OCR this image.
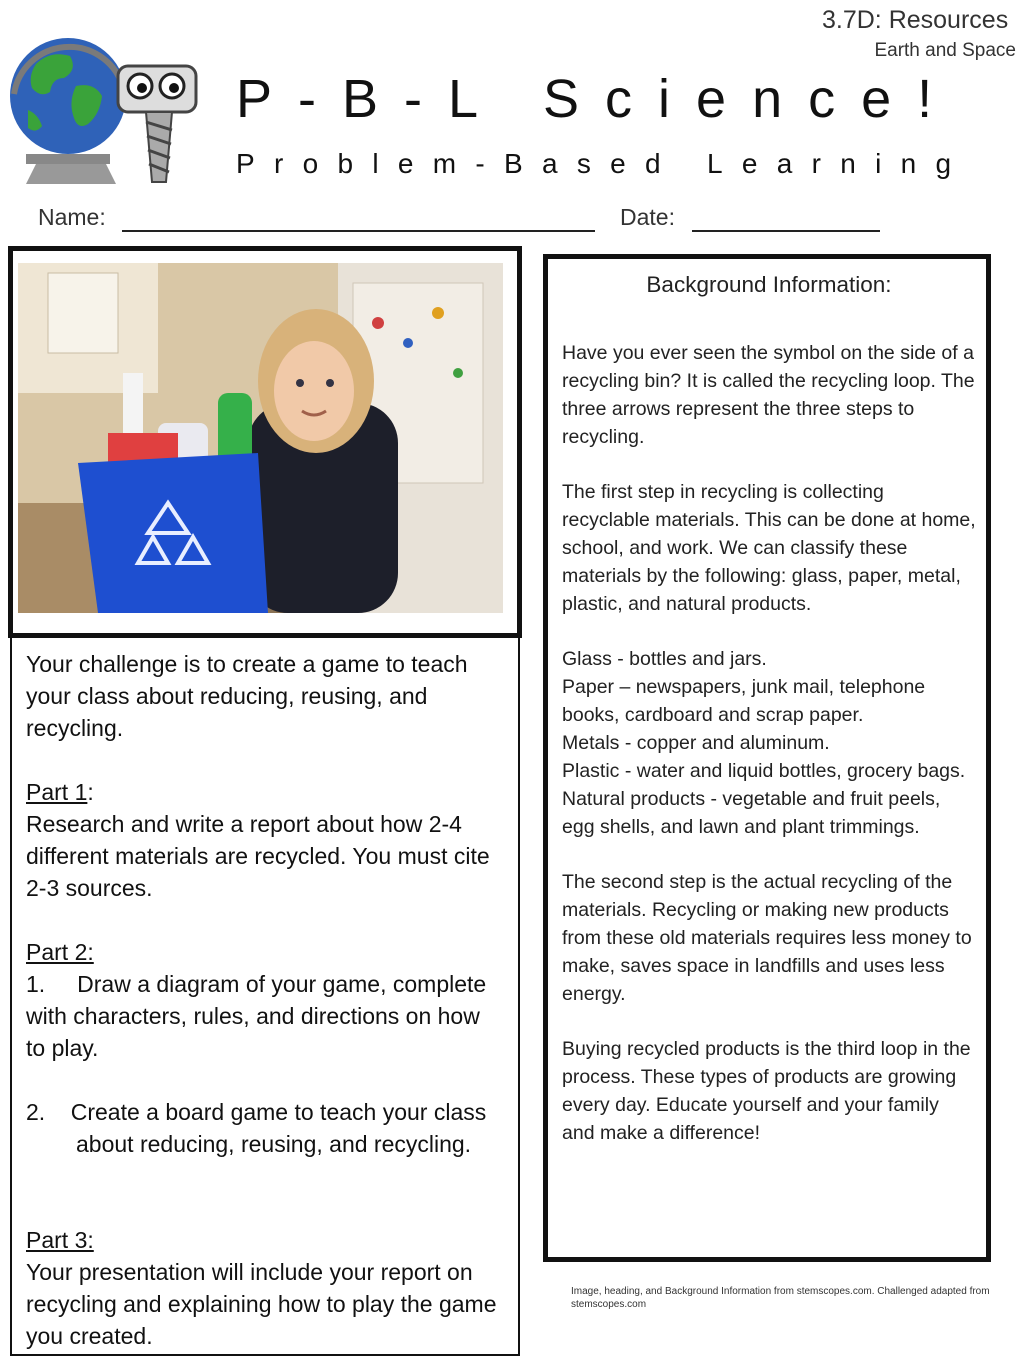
3.7D: Resources
Earth and Space
P-B-L Science!
Problem-Based Learning
Name:	Date:

Your challenge is to create a game to teach your class about reducing, reusing, and recycling.

Part 1:

Research and write a report about how 2-4 different materials are recycled. You must cite 2-3 sources.

Part 2:

1.     Draw a diagram of your game, complete with characters, rules, and directions on how to play.

2.    Create a board game to teach your class

about reducing, reusing, and recycling.

Part 3:

Your presentation will include your report on recycling and explaining how to play the game you created.

Background Information:

Have you ever seen the symbol on the side of a recycling bin? It is called the recycling loop. The three arrows represent the three steps to recycling.

The first step in recycling is collecting recyclable materials. This can be done at home, school, and work. We can classify these materials by the following: glass, paper, metal, plastic, and natural products.

Glass - bottles and jars.

Paper – newspapers, junk mail, telephone books, cardboard and scrap paper.

Metals - copper and aluminum.

Plastic - water and liquid bottles, grocery bags.

Natural products - vegetable and fruit peels, egg shells, and lawn and plant trimmings.

The second step is the actual recycling of the materials. Recycling or making new products from these old materials requires less money to make, saves space in landfills and uses less energy.

Buying recycled products is the third loop in the process. These types of products are growing every day. Educate yourself and your family and make a difference!

Image, heading, and Background Information from stemscopes.com. Challenged adapted from stemscopes.com
